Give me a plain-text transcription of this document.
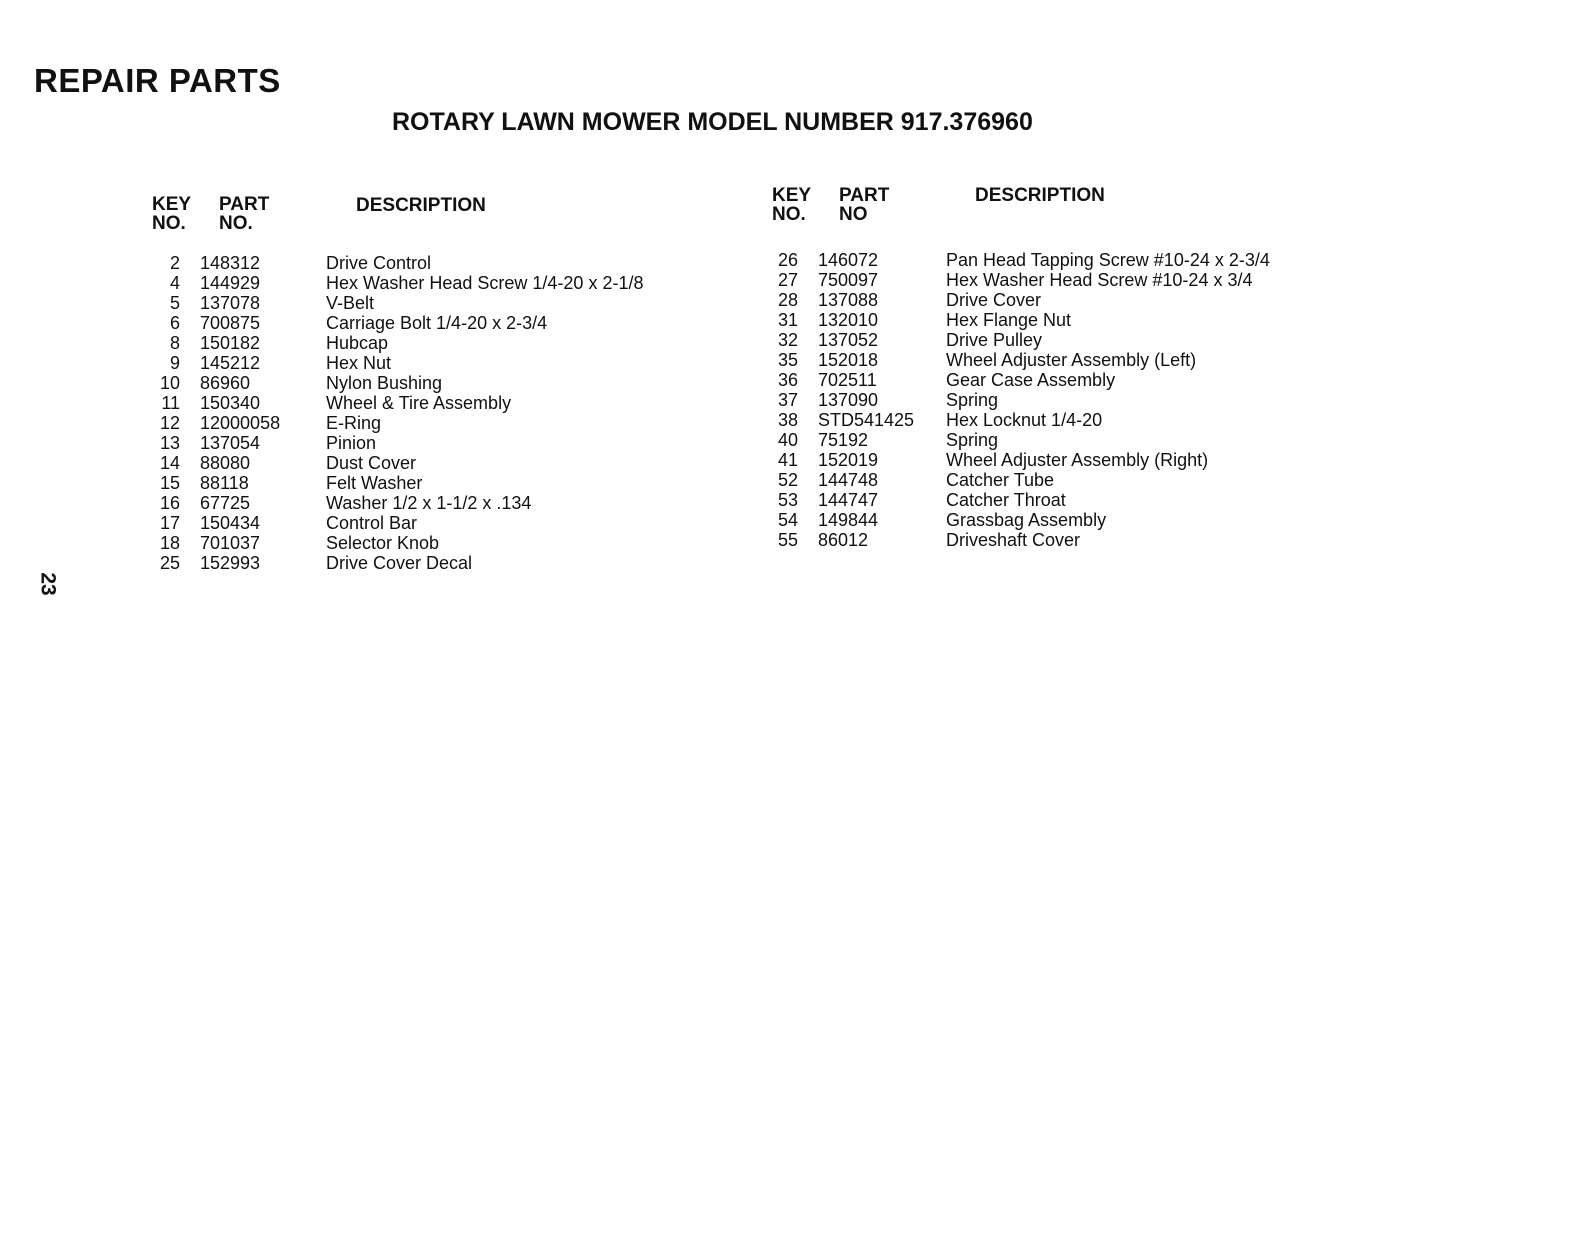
REPAIR PARTS
ROTARY LAWN MOWER MODEL NUMBER 917.376960
23
KEY
NO.
PART
NO.
DESCRIPTION
2 148312	Drive Control
4 144929	Hex Washer Head Screw 1/4-20 x 2-1/8
5 137078	V-Belt
6 700875	Carriage Bolt 1/4-20 x 2-3/4
8 150182	Hubcap
9 145212	Hex Nut
10 86960	Nylon Bushing
11 150340	Wheel & Tire Assembly
12 12000058	E-Ring
13 137054	Pinion
14 88080	Dust Cover
15 88118	Felt Washer
16 67725	Washer 1/2 x 1-1/2 x .134
17 150434	Control Bar
18 701037	Selector Knob
25 152993	Drive Cover Decal
KEY
NO.
PART
NO
DESCRIPTION
26 146072	Pan Head Tapping Screw #10-24 x 2-3/4
27 750097	Hex Washer Head Screw #10-24 x 3/4
28 137088	Drive Cover
31 132010	Hex Flange Nut
32 137052	Drive Pulley
35 152018	Wheel Adjuster Assembly (Left)
36 702511	Gear Case Assembly
37 137090	Spring
38 STD541425 Hex Locknut 1/4-20
40 75192	Spring
41 152019	Wheel Adjuster Assembly (Right)
52 144748	Catcher Tube
53 144747	Catcher Throat
54 149844	Grassbag Assembly
55 86012	Driveshaft Cover
